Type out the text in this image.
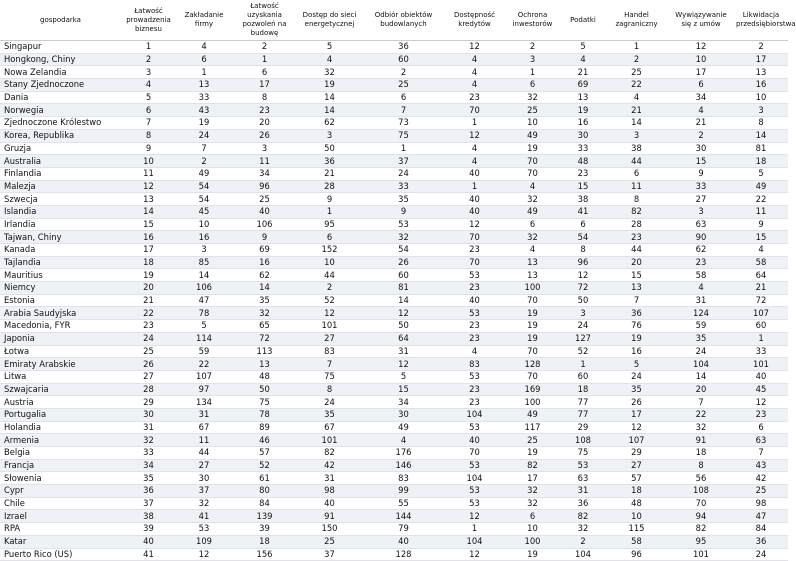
gospodarka	Łatwość prowadzenia biznesu	Zakładanie firmy	Łatwość uzyskania pozwoleń na budowę	Dostęp do sieci energetycznej	Odbiór obiektów budowlanych	Dostępność kredytów	Ochrona inwestorów	Podatki	Handel zagraniczny	Wywiązywanie się z umów	Likwidacja przedsiębiorstwa
Singapur	1	4	2	5	36	12	2	5	1	12	2
Hongkong, Chiny	2	6	1	4	60	4	3	4	2	10	17
Nowa Zelandia	3	1	6	32	2	4	1	21	25	17	13
Stany Zjednoczone	4	13	17	19	25	4	6	69	22	6	16
Dania	5	33	8	14	6	23	32	13	4	34	10
Norwegia	6	43	23	14	7	70	25	19	21	4	3
Zjednoczone Królestwo	7	19	20	62	73	1	10	16	14	21	8
Korea, Republika	8	24	26	3	75	12	49	30	3	2	14
Gruzja	9	7	3	50	1	4	19	33	38	30	81
Australia	10	2	11	36	37	4	70	48	44	15	18
Finlandia	11	49	34	21	24	40	70	23	6	9	5
Malezja	12	54	96	28	33	1	4	15	11	33	49
Szwecja	13	54	25	9	35	40	32	38	8	27	22
Islandia	14	45	40	1	9	40	49	41	82	3	11
Irlandia	15	10	106	95	53	12	6	6	28	63	9
Tajwan, Chiny	16	16	9	6	32	70	32	54	23	90	15
Kanada	17	3	69	152	54	23	4	8	44	62	4
Tajlandia	18	85	16	10	26	70	13	96	20	23	58
Mauritius	19	14	62	44	60	53	13	12	15	58	64
Niemcy	20	106	14	2	81	23	100	72	13	4	21
Estonia	21	47	35	52	14	40	70	50	7	31	72
Arabia Saudyjska	22	78	32	12	12	53	19	3	36	124	107
Macedonia, FYR	23	5	65	101	50	23	19	24	76	59	60
Japonia	24	114	72	27	64	23	19	127	19	35	1
Łotwa	25	59	113	83	31	4	70	52	16	24	33
Emiraty Arabskie	26	22	13	7	12	83	128	1	5	104	101
Litwa	27	107	48	75	5	53	70	60	24	14	40
Szwajcaria	28	97	50	8	15	23	169	18	35	20	45
Austria	29	134	75	24	34	23	100	77	26	7	12
Portugalia	30	31	78	35	30	104	49	77	17	22	23
Holandia	31	67	89	67	49	53	117	29	12	32	6
Armenia	32	11	46	101	4	40	25	108	107	91	63
Belgia	33	44	57	82	176	70	19	75	29	18	7
Francja	34	27	52	42	146	53	82	53	27	8	43
Słowenia	35	30	61	31	83	104	17	63	57	56	42
Cypr	36	37	80	98	99	53	32	31	18	108	25
Chile	37	32	84	40	55	53	32	36	48	70	98
Izrael	38	41	139	91	144	12	6	82	10	94	47
RPA	39	53	39	150	79	1	10	32	115	82	84
Katar	40	109	18	25	40	104	100	2	58	95	36
Puerto Rico (US)	41	12	156	37	128	12	19	104	96	101	24
